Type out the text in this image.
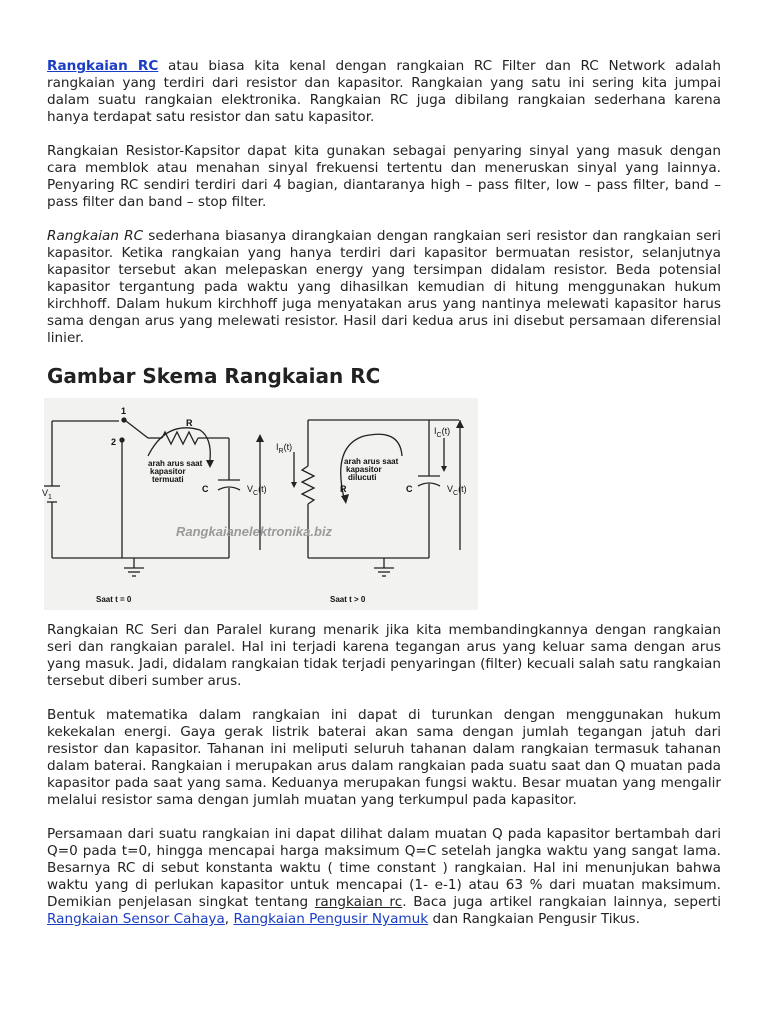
Rangkaian RC atau biasa kita kenal dengan rangkaian RC Filter dan RC Network adalah rangkaian yang terdiri dari resistor dan kapasitor. Rangkaian yang satu ini sering kita jumpai dalam suatu rangkaian elektronika. Rangkaian RC juga dibilang rangkaian sederhana karena hanya terdapat satu resistor dan satu kapasitor.

Rangkaian Resistor-Kapsitor dapat kita gunakan sebagai penyaring sinyal yang masuk dengan cara memblok atau menahan sinyal frekuensi tertentu dan meneruskan sinyal yang lainnya. Penyaring RC sendiri terdiri dari 4 bagian, diantaranya high – pass filter, low – pass filter, band – pass filter dan band – stop filter.

Rangkaian RC sederhana biasanya dirangkaian dengan rangkaian seri resistor dan rangkaian seri kapasitor. Ketika rangkaian yang hanya terdiri dari kapasitor bermuatan resistor, selanjutnya kapasitor tersebut akan melepaskan energy yang tersimpan didalam resistor. Beda potensial kapasitor tergantung pada waktu yang dihasilkan kemudian di hitung menggunakan hukum kirchhoff. Dalam hukum kirchhoff juga menyatakan arus yang nantinya melewati kapasitor harus sama dengan arus yang melewati resistor. Hasil dari kedua arus ini disebut persamaan diferensial linier.

Gambar Skema Rangkaian RC
1
2
R
C	R	C
arah arus saat
kapasitor
termuati
arah arus saat
kapasitor
dilucuti
$V_1$
$V_C(t)$
$I_R(t)$
$I_C(t)$
$V_C(t)$
Rangkaianelektronika.biz
Saat t = 0	Saat t > 0

Rangkaian RC Seri dan Paralel kurang menarik jika kita membandingkannya dengan rangkaian seri dan rangkaian paralel. Hal ini terjadi karena tegangan arus yang keluar sama dengan arus yang masuk. Jadi, didalam rangkaian tidak terjadi penyaringan (filter) kecuali salah satu rangkaian tersebut diberi sumber arus.

Bentuk matematika dalam rangkaian ini dapat di turunkan dengan menggunakan hukum kekekalan energi. Gaya gerak listrik baterai akan sama dengan jumlah tegangan jatuh dari resistor dan kapasitor. Tahanan ini meliputi seluruh tahanan dalam rangkaian termasuk tahanan dalam baterai. Rangkaian i merupakan arus dalam rangkaian pada suatu saat dan Q muatan pada kapasitor pada saat yang sama. Keduanya merupakan fungsi waktu. Besar muatan yang mengalir melalui resistor sama dengan jumlah muatan yang terkumpul pada kapasitor.

Persamaan dari suatu rangkaian ini dapat dilihat dalam muatan Q pada kapasitor bertambah dari Q=0 pada t=0, hingga mencapai harga maksimum Q=C setelah jangka waktu yang sangat lama. Besarnya RC di sebut konstanta waktu ( time constant ) rangkaian. Hal ini menunjukan bahwa waktu yang di perlukan kapasitor untuk mencapai (1- e-1) atau 63 % dari muatan maksimum. Demikian penjelasan singkat tentang rangkaian rc. Baca juga artikel rangkaian lainnya, seperti Rangkaian Sensor Cahaya, Rangkaian Pengusir Nyamuk dan Rangkaian Pengusir Tikus.
